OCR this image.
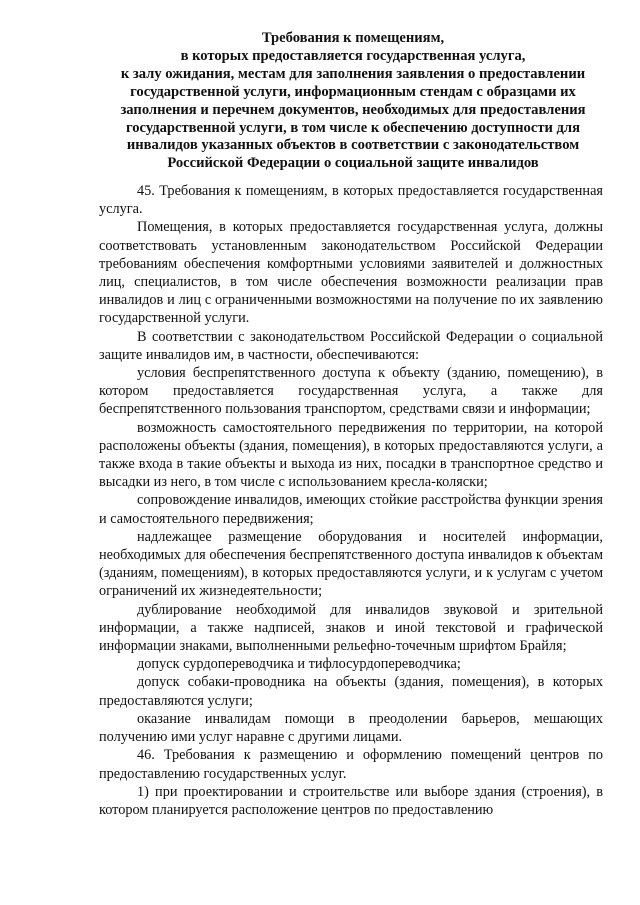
Требования к помещениям,
в которых предоставляется государственная услуга,
к залу ожидания, местам для заполнения заявления о предоставлении
государственной услуги, информационным стендам с образцами их
заполнения и перечнем документов, необходимых для предоставления
государственной услуги, в том числе к обеспечению доступности для
инвалидов указанных объектов в соответствии с законодательством
Российской Федерации о социальной защите инвалидов

45. Требования к помещениям, в которых предоставляется государственная услуга.

Помещения, в которых предоставляется государственная услуга, должны соответствовать установленным законодательством Российской Федерации требованиям обеспечения комфортными условиями заявителей и должностных лиц, специалистов, в том числе обеспечения возможности реализации прав инвалидов и лиц с ограниченными возможностями на получение по их заявлению государственной услуги.

В соответствии с законодательством Российской Федерации о социальной защите инвалидов им, в частности, обеспечиваются:

условия беспрепятственного доступа к объекту (зданию, помещению), в котором предоставляется государственная услуга, а также для беспрепятственного пользования транспортом, средствами связи и информации;

возможность самостоятельного передвижения по территории, на которой расположены объекты (здания, помещения), в которых предоставляются услуги, а также входа в такие объекты и выхода из них, посадки в транспортное средство и высадки из него, в том числе с использованием кресла-коляски;

сопровождение инвалидов, имеющих стойкие расстройства функции зрения и самостоятельного передвижения;

надлежащее размещение оборудования и носителей информации, необходимых для обеспечения беспрепятственного доступа инвалидов к объектам (зданиям, помещениям), в которых предоставляются услуги, и к услугам с учетом ограничений их жизнедеятельности;

дублирование необходимой для инвалидов звуковой и зрительной информации, а также надписей, знаков и иной текстовой и графической информации знаками, выполненными рельефно-точечным шрифтом Брайля;

допуск сурдопереводчика и тифлосурдопереводчика;

допуск собаки-проводника на объекты (здания, помещения), в которых предоставляются услуги;

оказание инвалидам помощи в преодолении барьеров, мешающих получению ими услуг наравне с другими лицами.

46. Требования к размещению и оформлению помещений центров по предоставлению государственных услуг.

1) при проектировании и строительстве или выборе здания (строения), в котором планируется расположение центров по предоставлению
